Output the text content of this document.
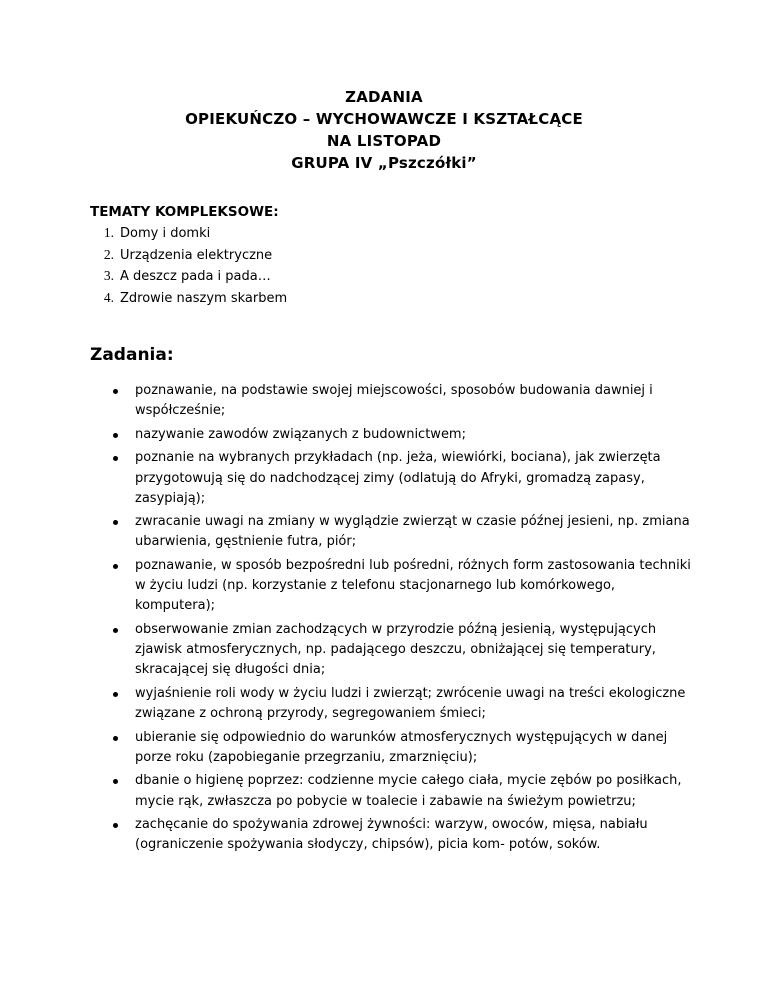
ZADANIA
OPIEKUŃCZO – WYCHOWAWCZE I KSZTAŁCĄCE
NA LISTOPAD
GRUPA IV „Pszczółki”
TEMATY KOMPLEKSOWE:
1. Domy i domki
2. Urządzenia elektryczne
3. A deszcz pada i pada…
4. Zdrowie naszym skarbem
Zadania:
poznawanie, na podstawie swojej miejscowości, sposobów budowania dawniej i współcześnie;
nazywanie zawodów związanych z budownictwem;
poznanie na wybranych przykładach (np. jeża, wiewiórki, bociana), jak zwierzęta przygotowują się do nadchodzącej zimy (odlatują do Afryki, gromadzą zapasy, zasypiają);
zwracanie uwagi na zmiany w wyglądzie zwierząt w czasie późnej jesieni, np. zmiana ubarwienia, gęstnienie futra, piór;
poznawanie, w sposób bezpośredni lub pośredni, różnych form zastosowania techniki w życiu ludzi (np. korzystanie z telefonu stacjonarnego lub komórkowego, komputera);
obserwowanie zmian zachodzących w przyrodzie późną jesienią, występujących zjawisk atmosferycznych, np. padającego deszczu, obniżającej się temperatury, skracającej się długości dnia;
wyjaśnienie roli wody w życiu ludzi i zwierząt; zwrócenie uwagi na treści ekologiczne związane z ochroną przyrody, segregowaniem śmieci;
ubieranie się odpowiednio do warunków atmosferycznych występujących w danej porze roku (zapobieganie przegrzaniu, zmarznięciu);
dbanie o higienę poprzez: codzienne mycie całego ciała, mycie zębów po posiłkach, mycie rąk, zwłaszcza po pobycie w toalecie i zabawie na świeżym powietrzu;
zachęcanie do spożywania zdrowej żywności: warzyw, owoców, mięsa, nabiału (ograniczenie spożywania słodyczy, chipsów), picia kom- potów, soków.
